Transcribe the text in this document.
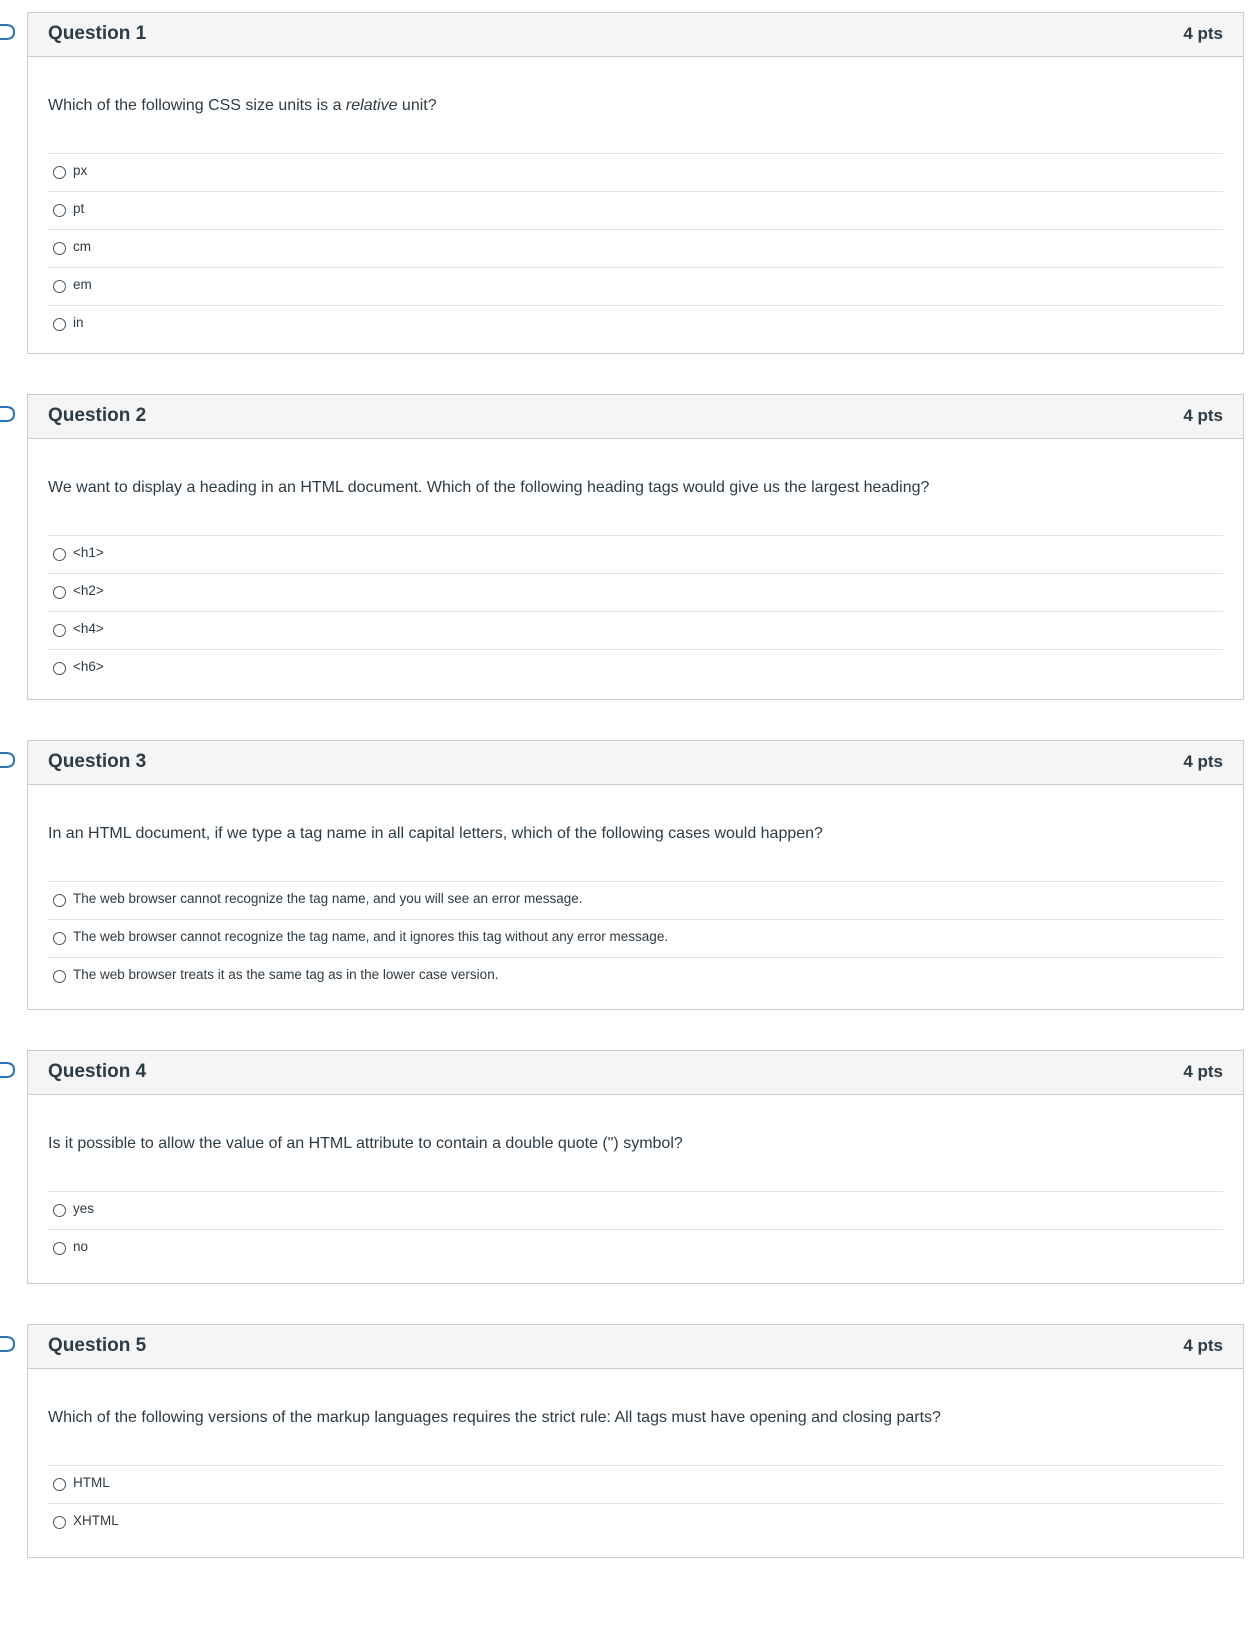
Question 1	4 pts
Which of the following CSS size units is a relative unit?
px
pt
cm
em
in
Question 2	4 pts
We want to display a heading in an HTML document. Which of the following heading tags would give us the largest heading?
<h1>
<h2>
<h4>
<h6>
Question 3	4 pts
In an HTML document, if we type a tag name in all capital letters, which of the following cases would happen?
The web browser cannot recognize the tag name, and you will see an error message.
The web browser cannot recognize the tag name, and it ignores this tag without any error message.
The web browser treats it as the same tag as in the lower case version.
Question 4	4 pts
Is it possible to allow the value of an HTML attribute to contain a double quote (") symbol?
yes
no
Question 5	4 pts
Which of the following versions of the markup languages requires the strict rule: All tags must have opening and closing parts?
HTML
XHTML
